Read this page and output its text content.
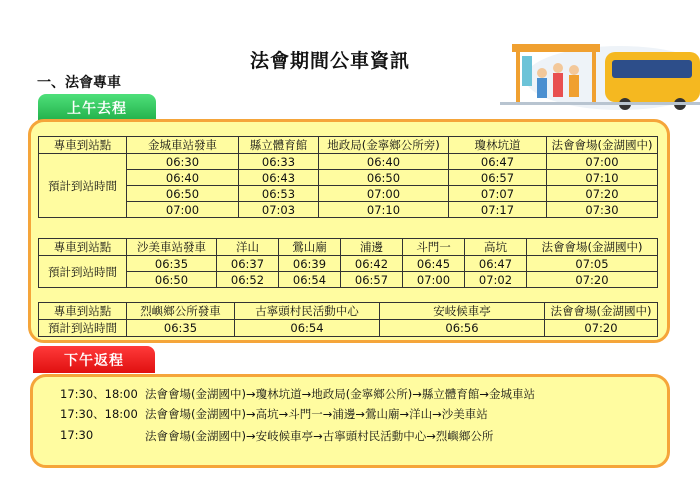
法會期間公車資訊
一、法會專車
上午去程
專車到站點	金城車站發車	縣立體育館	地政局(金寧鄉公所旁)	瓊林坑道	法會會場(金湖國中)
預計到站時間	06:30	06:33	06:40	06:47	07:00
	06:40	06:43	06:50	06:57	07:10
	06:50	06:53	07:00	07:07	07:20
	07:00	07:03	07:10	07:17	07:30
專車到站點	沙美車站發車	洋山	鶯山廟	浦邊	斗門一	高坑	法會會場(金湖國中)
預計到站時間	06:35	06:37	06:39	06:42	06:45	06:47	07:05
	06:50	06:52	06:54	06:57	07:00	07:02	07:20
專車到站點	烈嶼鄉公所發車	古寧頭村民活動中心	安岐候車亭	法會會場(金湖國中)
預計到站時間	06:35	06:54	06:56	07:20
下午返程
17:30、18:00 法會會場(金湖國中)→瓊林坑道→地政局(金寧鄉公所)→縣立體育館→金城車站
17:30、18:00 法會會場(金湖國中)→高坑→斗門一→浦邊→鶯山廟→洋山→沙美車站
17:30	法會會場(金湖國中)→安岐候車亭→古寧頭村民活動中心→烈嶼鄉公所
